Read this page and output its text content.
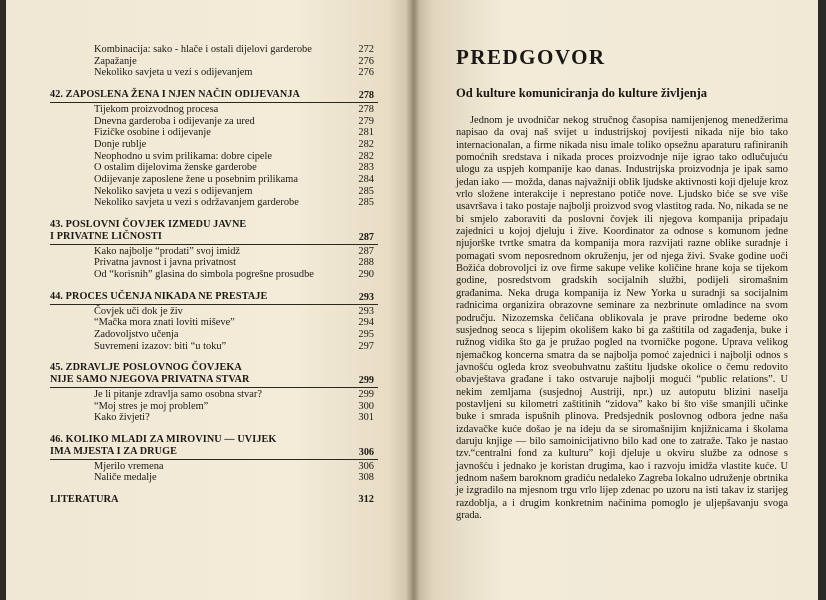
Kombinacija: sako - hlače i ostali dijelovi garderobe	272
Zapažanje	276
Nekoliko savjeta u vezi s odijevanjem	276
42. ZAPOSLENA ŽENA I NJEN NAČIN ODIJEVANJA	278
Tijekom proizvodnog procesa	278
Dnevna garderoba i odijevanje za ured	279
Fizičke osobine i odijevanje	281
Donje rublje	282
Neophodno u svim prilikama: dobre cipele	282
O ostalim dijelovima ženske garderobe	283
Odijevanje zaposlene žene u posebnim prilikama	284
Nekoliko savjeta u vezi s odijevanjem	285
Nekoliko savjeta u vezi s održavanjem garderobe	285
43. POSLOVNI ČOVJEK IZMEDU JAVNE
I PRIVATNE LIČNOSTI	287
Kako najbolje “prodati” svoj imidž	287
Privatna javnost i javna privatnost	288
Od “korisnih” glasina do simbola pogrešne prosudbe	290
44. PROCES UČENJA NIKADA NE PRESTAJE	293
Čovjek uči dok je živ	293
“Mačka mora znati loviti miševe”	294
Zadovoljstvo učenja	295
Suvremeni izazov: biti “u toku”	297
45. ZDRAVLJE POSLOVNOG ČOVJEKA
NIJE SAMO NJEGOVA PRIVATNA STVAR	299
Je li pitanje zdravlja samo osobna stvar?	299
“Moj stres je moj problem”	300
Kako živjeti?	301
46. KOLIKO MLADI ZA MIROVINU — UVIJEK
IMA MJESTA I ZA DRUGE	306
Mjerilo vremena	306
Naliče medalje	308
LITERATURA	312
PREDGOVOR
Od kulture komuniciranja do kulture življenja

Jednom je uvodničar nekog stručnog časopisa namijenjenog menedžerima napisao da ovaj naš svijet u industrijskoj povijesti nikada nije bio tako internacionalan, a firme nikada nisu imale toliko opsežnu aparaturu rafiniranih pomoćnih sredstava i nikada proces proizvodnje nije igrao tako odlučujuću ulogu za uspjeh kompanije kao danas. Industrijska proizvodnja je ipak samo jedan iako — možda, danas najvažniji oblik ljudske aktivnosti koji djeluje kroz vrlo složene interakcije i neprestano potiče nove. Ljudsko biće se sve više usavršava i tako postaje najbolji proizvod svog vlastitog rada. No, nikada se ne bi smjelo zaboraviti da poslovni čovjek ili njegova kompanija pripadaju zajednici u kojoj djeluju i žive. Koordinator za odnose s komunom jedne njujorške tvrtke smatra da kompanija mora razvijati razne oblike suradnje i pomagati svom neposrednom okruženju, jer od njega živi. Svake godine uoči Božića dobrovoljci iz ove firme sakupe velike količine hrane koja se tijekom godine, posredstvom gradskih socijalnih službi, podijeli siromašnim građanima. Neka druga kompanija iz New Yorka u suradnji sa socijalnim radnicima organizira obrazovne seminare za nezbrinute omladince na svom području. Nizozemska čeličana oblikovala je prave prirodne bedeme oko susjednog seoca s lijepim okolišem kako bi ga zaštitila od zagađenja, buke i ružnog vidika što ga je pružao pogled na tvorničke pogone. Uprava velikog njemačkog koncerna smatra da se najbolja pomoć zajednici i najbolji odnos s javnošću ogleda kroz sveobuhvatnu zaštitu ljudske okolice o čemu redovito obavještava građane i tako ostvaruje najbolji mogući “public relations”. U nekim zemljama (susjednoj Austriji, npr.) uz autoputu blizini naselja postavljeni su kilometri zaštitinih “zidova” kako bi što više smanjili učinke buke i smrada ispušnih plinova. Predsjednik poslovnog odbora jedne naša izdavačke kuće došao je na ideju da se siromašnijim knjižnicama i školama daruju knjige — bilo samoinicijativno bilo kad one to zatraže. Tako je nastao tzv.“centralni fond za kulturu” koji djeluje u okviru službe za odnose s javnošću i jednako je koristan drugima, kao i razvoju imidža vlastite kuće. U jednom našem baroknom gradiću nedaleko Zagreba lokalno udruženje obrtnika je izgradilo na mjesnom trgu vrlo lijep zdenac po uzoru na isti takav iz starijeg razdoblja, a i drugim konkretnim načinima pomoglo je uljepšavanju svoga grada.
